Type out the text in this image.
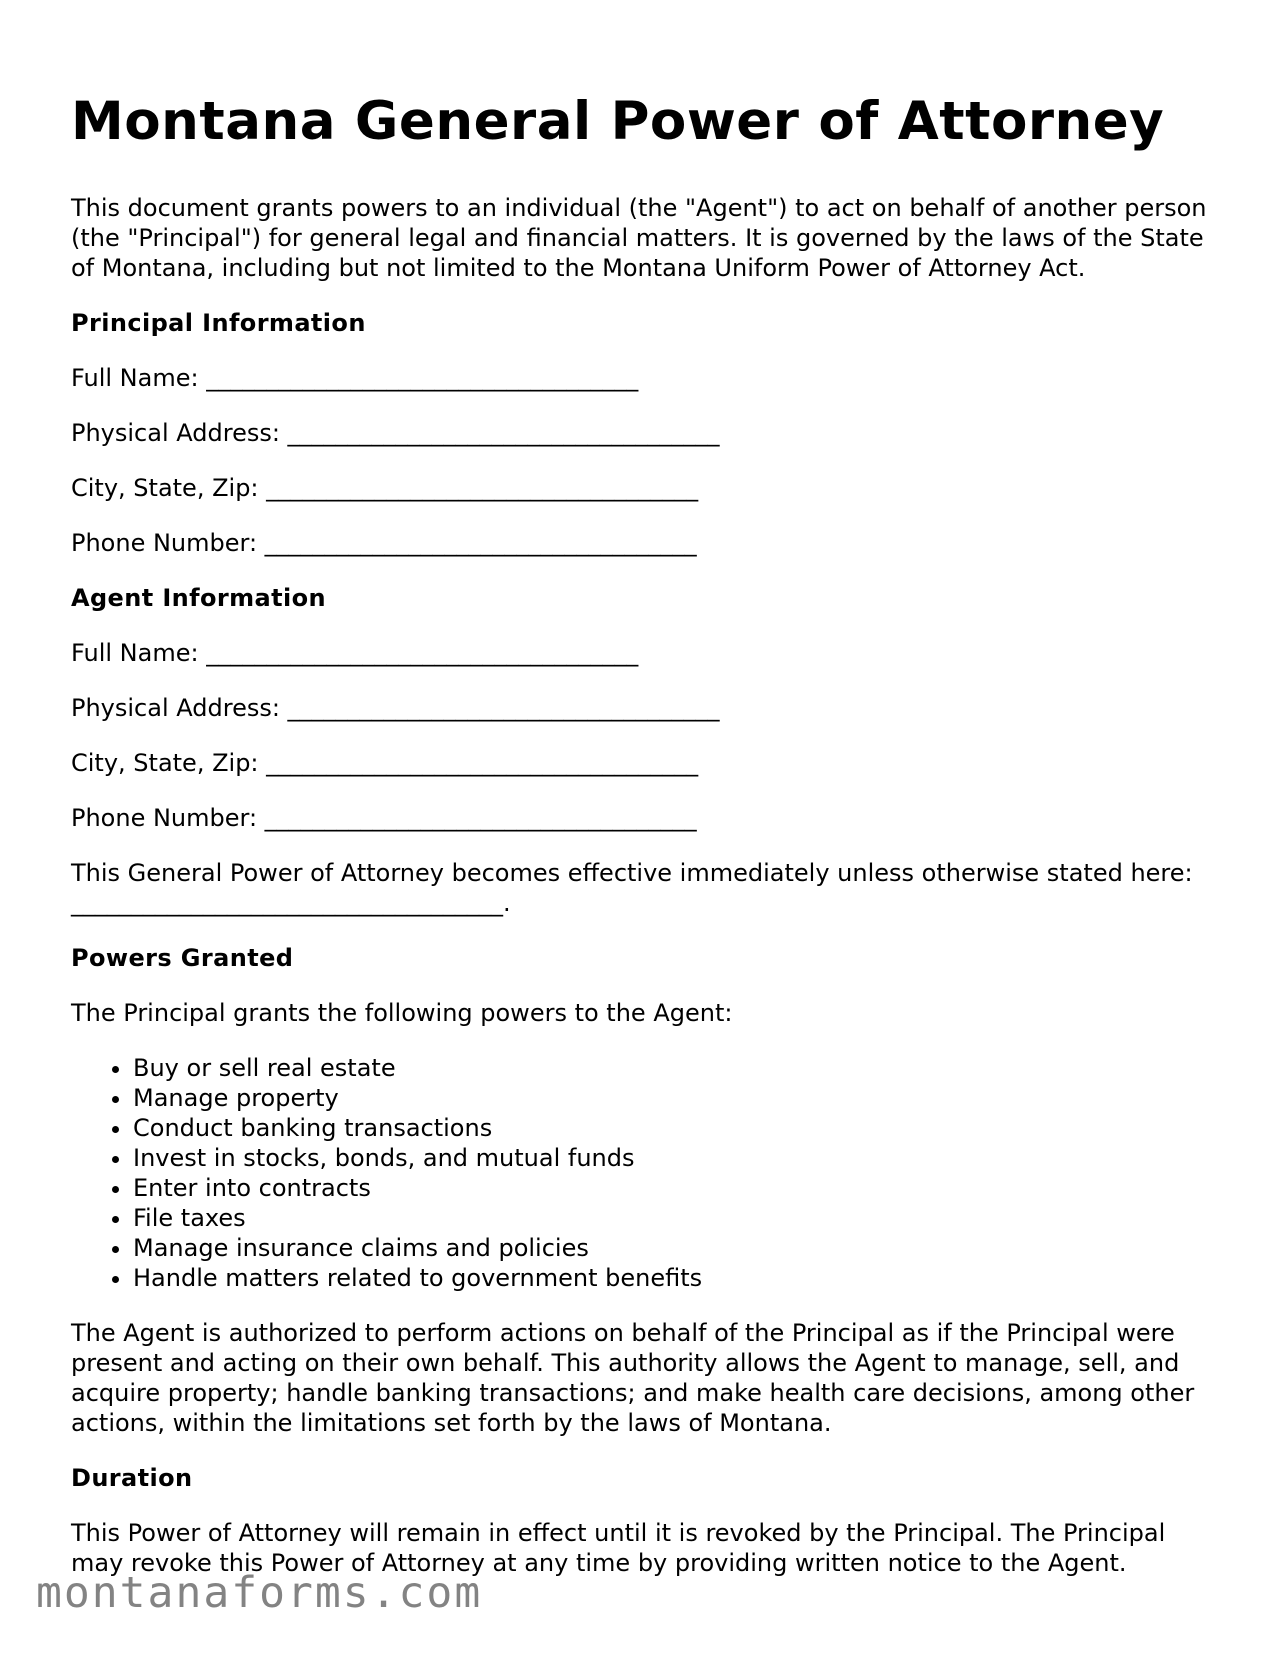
Montana General Power of Attorney

This document grants powers to an individual (the "Agent") to act on behalf of another person (the "Principal") for general legal and financial matters. It is governed by the laws of the State of Montana, including but not limited to the Montana Uniform Power of Attorney Act.

Principal Information

Full Name: ____________________________________

Physical Address: ____________________________________

City, State, Zip: ____________________________________

Phone Number: ____________________________________

Agent Information

Full Name: ____________________________________

Physical Address: ____________________________________

City, State, Zip: ____________________________________

Phone Number: ____________________________________

This General Power of Attorney becomes effective immediately unless otherwise stated here: ____________________________________.

Powers Granted

The Principal grants the following powers to the Agent:

• Buy or sell real estate
• Manage property
• Conduct banking transactions
• Invest in stocks, bonds, and mutual funds
• Enter into contracts
• File taxes
• Manage insurance claims and policies
• Handle matters related to government benefits

The Agent is authorized to perform actions on behalf of the Principal as if the Principal were present and acting on their own behalf. This authority allows the Agent to manage, sell, and acquire property; handle banking transactions; and make health care decisions, among other actions, within the limitations set forth by the laws of Montana.

Duration

This Power of Attorney will remain in effect until it is revoked by the Principal. The Principal may revoke this Power of Attorney at any time by providing written notice to the Agent.

montanaforms.com
